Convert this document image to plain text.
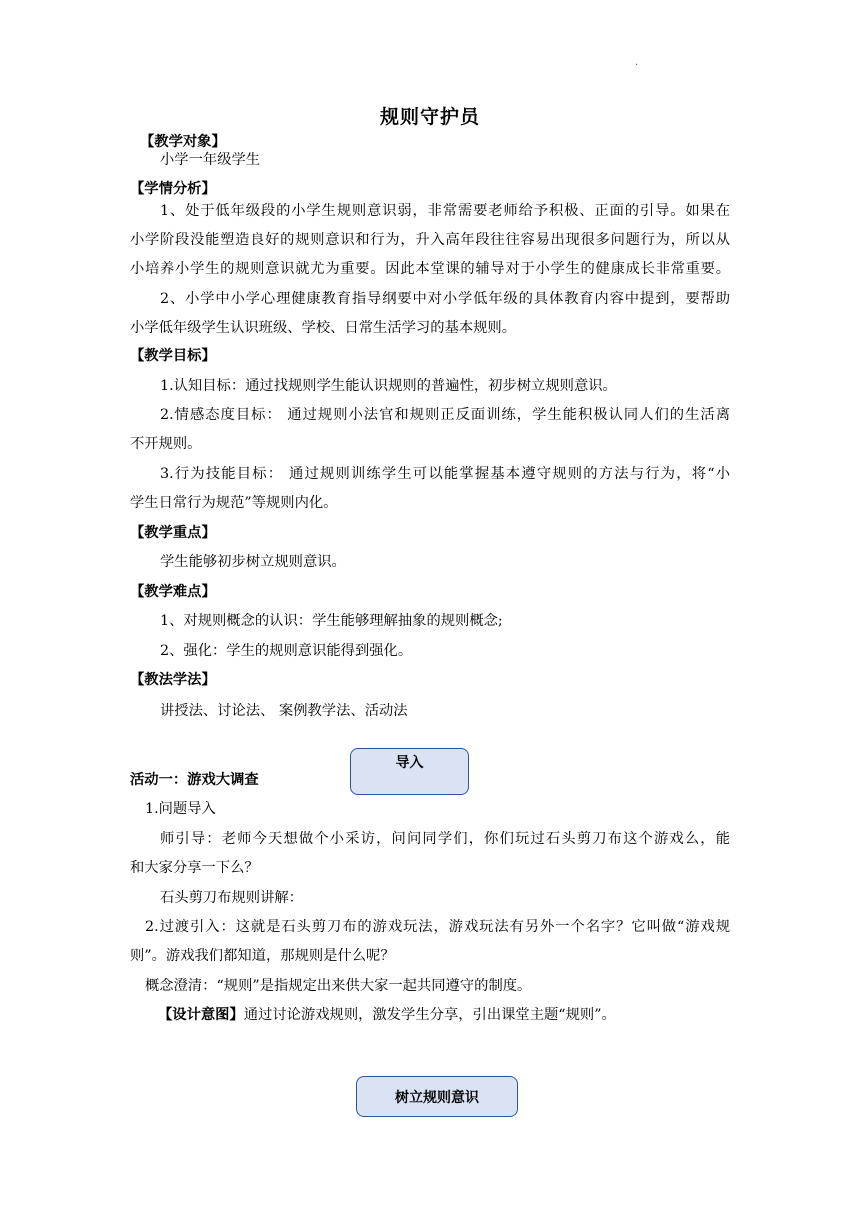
.
规则守护员
【教学对象】
小学一年级学生
【学情分析】
1、处于低年级段的小学生规则意识弱，非常需要老师给予积极、正面的引导。如果在
小学阶段没能塑造良好的规则意识和行为，升入高年段往往容易出现很多问题行为，所以从
小培养小学生的规则意识就尤为重要。因此本堂课的辅导对于小学生的健康成长非常重要。
2、小学中小学心理健康教育指导纲要中对小学低年级的具体教育内容中提到，要帮助
小学低年级学生认识班级、学校、日常生活学习的基本规则。
【教学目标】
1.认知目标：通过找规则学生能认识规则的普遍性，初步树立规则意识。
2.情感态度目标： 通过规则小法官和规则正反面训练，学生能积极认同人们的生活离
不开规则。
3.行为技能目标： 通过规则训练学生可以能掌握基本遵守规则的方法与行为，将“小
学生日常行为规范”等规则内化。
【教学重点】
学生能够初步树立规则意识。
【教学难点】
1、对规则概念的认识：学生能够理解抽象的规则概念;
2、强化：学生的规则意识能得到强化。
【教法学法】
讲授法、讨论法、 案例教学法、活动法
导入
活动一：游戏大调查
1.问题导入
师引导：老师今天想做个小采访，问问同学们，你们玩过石头剪刀布这个游戏么，能
和大家分享一下么？
石头剪刀布规则讲解：
2.过渡引入：这就是石头剪刀布的游戏玩法，游戏玩法有另外一个名字？它叫做“游戏规
则”。游戏我们都知道，那规则是什么呢？
概念澄清：“规则”是指规定出来供大家一起共同遵守的制度。
【设计意图】通过讨论游戏规则，激发学生分享，引出课堂主题“规则”。
树立规则意识
